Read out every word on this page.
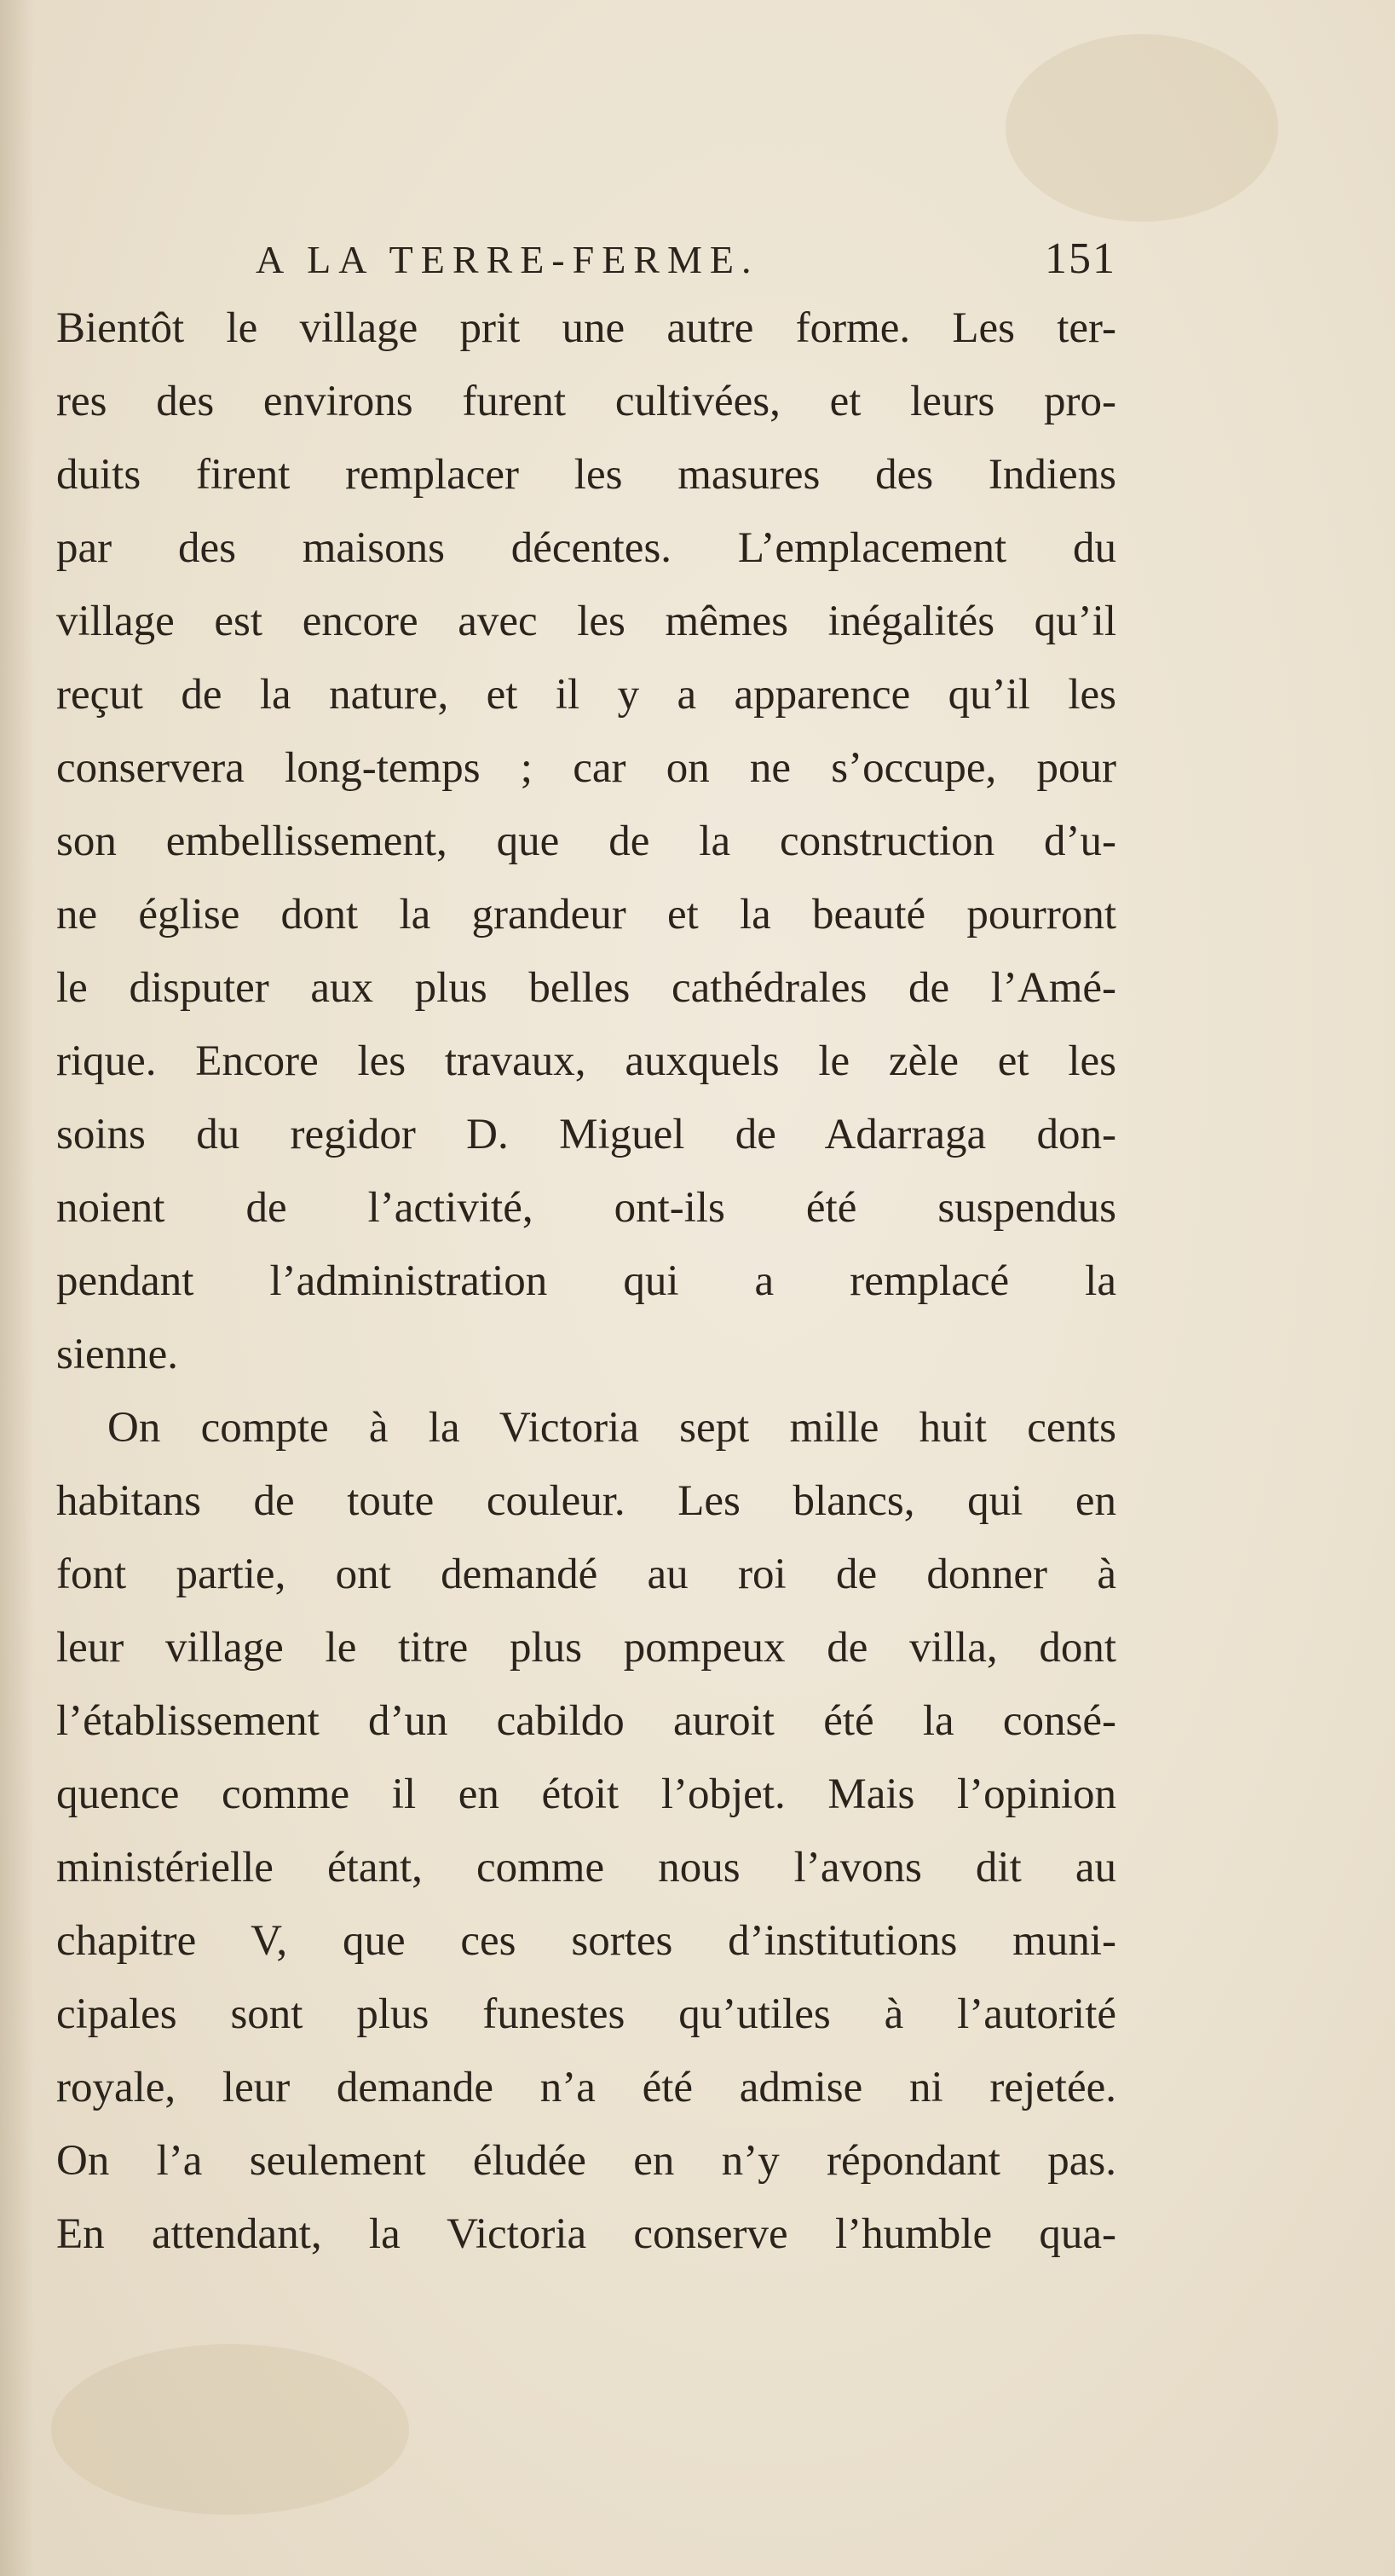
A LA TERRE-FERME.	151
Bientôt le village prit une autre forme. Les ter-
res des environs furent cultivées, et leurs pro-
duits firent remplacer les masures des Indiens
par des maisons décentes. L’emplacement du
village est encore avec les mêmes inégalités qu’il
reçut de la nature, et il y a apparence qu’il les
conservera long-temps ; car on ne s’occupe, pour
son embellissement, que de la construction d’u-
ne église dont la grandeur et la beauté pourront
le disputer aux plus belles cathédrales de l’Amé-
rique. Encore les travaux, auxquels le zèle et les
soins du regidor D. Miguel de Adarraga don-
noient de l’activité, ont-ils été suspendus
pendant l’administration qui a remplacé la
sienne.
On compte à la Victoria sept mille huit cents
habitans de toute couleur. Les blancs, qui en
font partie, ont demandé au roi de donner à
leur village le titre plus pompeux de villa, dont
l’établissement d’un cabildo auroit été la consé-
quence comme il en étoit l’objet. Mais l’opinion
ministérielle étant, comme nous l’avons dit au
chapitre V, que ces sortes d’institutions muni-
cipales sont plus funestes qu’utiles à l’autorité
royale, leur demande n’a été admise ni rejetée.
On l’a seulement éludée en n’y répondant pas.
En attendant, la Victoria conserve l’humble qua-
